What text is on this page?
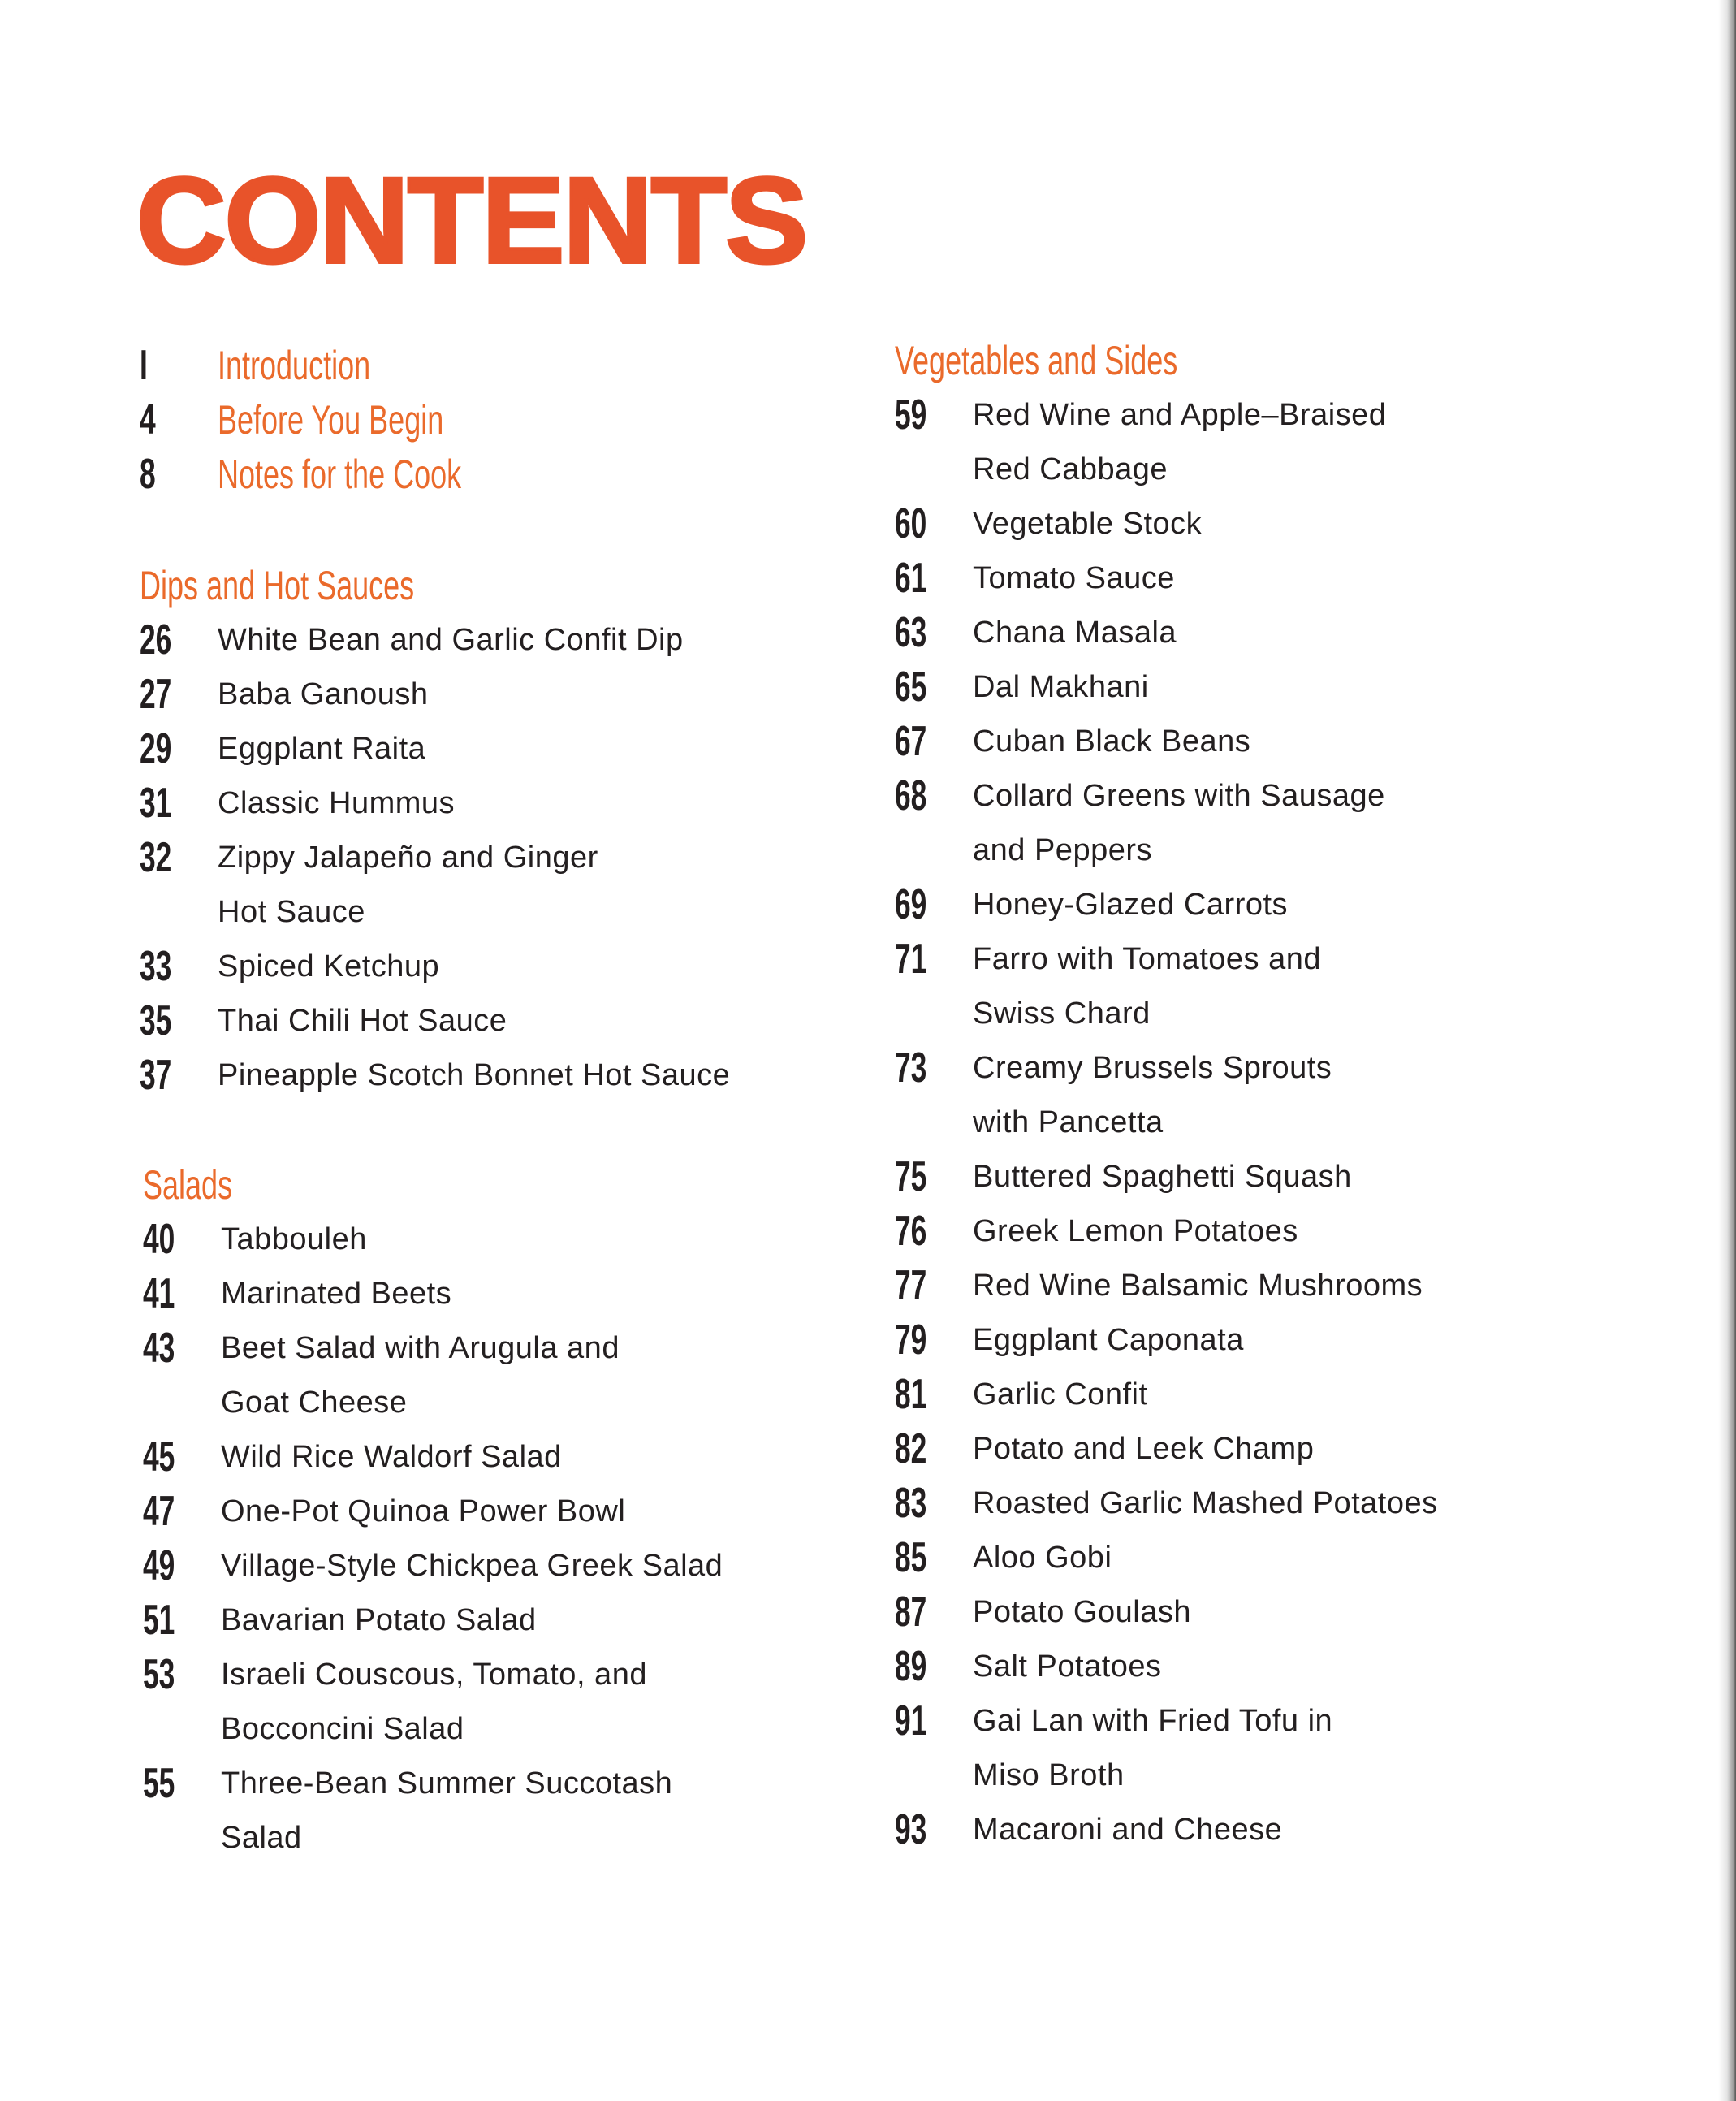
CONTENTS
I	Introduction
4	Before You Begin
8	Notes for the Cook
Dips and Hot Sauces
26	White Bean and Garlic Confit Dip
27	Baba Ganoush
29	Eggplant Raita
31	Classic Hummus
32	Zippy Jalapeño and Ginger
Hot Sauce
33	Spiced Ketchup
35	Thai Chili Hot Sauce
37	Pineapple Scotch Bonnet Hot Sauce
Salads
40	Tabbouleh
41	Marinated Beets
43	Beet Salad with Arugula and
Goat Cheese
45	Wild Rice Waldorf Salad
47	One-Pot Quinoa Power Bowl
49	Village-Style Chickpea Greek Salad
51	Bavarian Potato Salad
53	Israeli Couscous, Tomato, and
Bocconcini Salad
55	Three-Bean Summer Succotash
Salad
Vegetables and Sides
59	Red Wine and Apple–Braised
Red Cabbage
60	Vegetable Stock
61	Tomato Sauce
63	Chana Masala
65	Dal Makhani
67	Cuban Black Beans
68	Collard Greens with Sausage
and Peppers
69	Honey-Glazed Carrots
71	Farro with Tomatoes and
Swiss Chard
73	Creamy Brussels Sprouts
with Pancetta
75	Buttered Spaghetti Squash
76	Greek Lemon Potatoes
77	Red Wine Balsamic Mushrooms
79	Eggplant Caponata
81	Garlic Confit
82	Potato and Leek Champ
83	Roasted Garlic Mashed Potatoes
85	Aloo Gobi
87	Potato Goulash
89	Salt Potatoes
91	Gai Lan with Fried Tofu in
Miso Broth
93	Macaroni and Cheese
